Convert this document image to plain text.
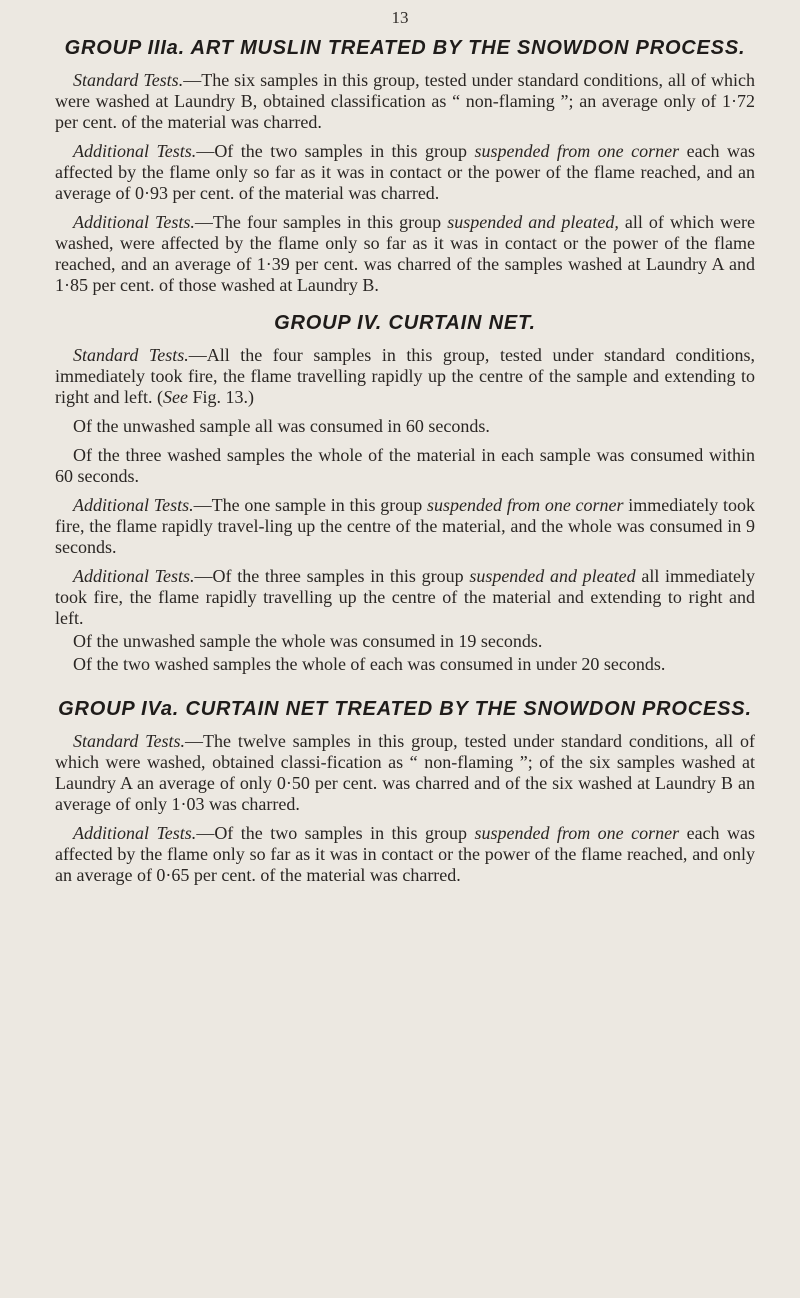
13
GROUP IIIa. ART MUSLIN TREATED BY THE SNOWDON PROCESS.

Standard Tests.—The six samples in this group, tested under standard conditions, all of which were washed at Laundry B, obtained classification as “ non-flaming ”; an average only of 1·72 per cent. of the material was charred.

Additional Tests.—Of the two samples in this group suspended from one corner each was affected by the flame only so far as it was in contact or the power of the flame reached, and an average of 0·93 per cent. of the material was charred.

Additional Tests.—The four samples in this group suspended and pleated, all of which were washed, were affected by the flame only so far as it was in contact or the power of the flame reached, and an average of 1·39 per cent. was charred of the samples washed at Laundry A and 1·85 per cent. of those washed at Laundry B.

GROUP IV. CURTAIN NET.

Standard Tests.—All the four samples in this group, tested under standard conditions, immediately took fire, the flame travelling rapidly up the centre of the sample and extending to right and left. (See Fig. 13.)

Of the unwashed sample all was consumed in 60 seconds.

Of the three washed samples the whole of the material in each sample was consumed within 60 seconds.

Additional Tests.—The one sample in this group suspended from one corner immediately took fire, the flame rapidly travel-ling up the centre of the material, and the whole was consumed in 9 seconds.

Additional Tests.—Of the three samples in this group suspended and pleated all immediately took fire, the flame rapidly travelling up the centre of the material and extending to right and left.

Of the unwashed sample the whole was consumed in 19 seconds.

Of the two washed samples the whole of each was consumed in under 20 seconds.

GROUP IVa. CURTAIN NET TREATED BY THE SNOWDON PROCESS.

Standard Tests.—The twelve samples in this group, tested under standard conditions, all of which were washed, obtained classi-fication as “ non-flaming ”; of the six samples washed at Laundry A an average of only 0·50 per cent. was charred and of the six washed at Laundry B an average of only 1·03 was charred.

Additional Tests.—Of the two samples in this group suspended from one corner each was affected by the flame only so far as it was in contact or the power of the flame reached, and only an average of 0·65 per cent. of the material was charred.
